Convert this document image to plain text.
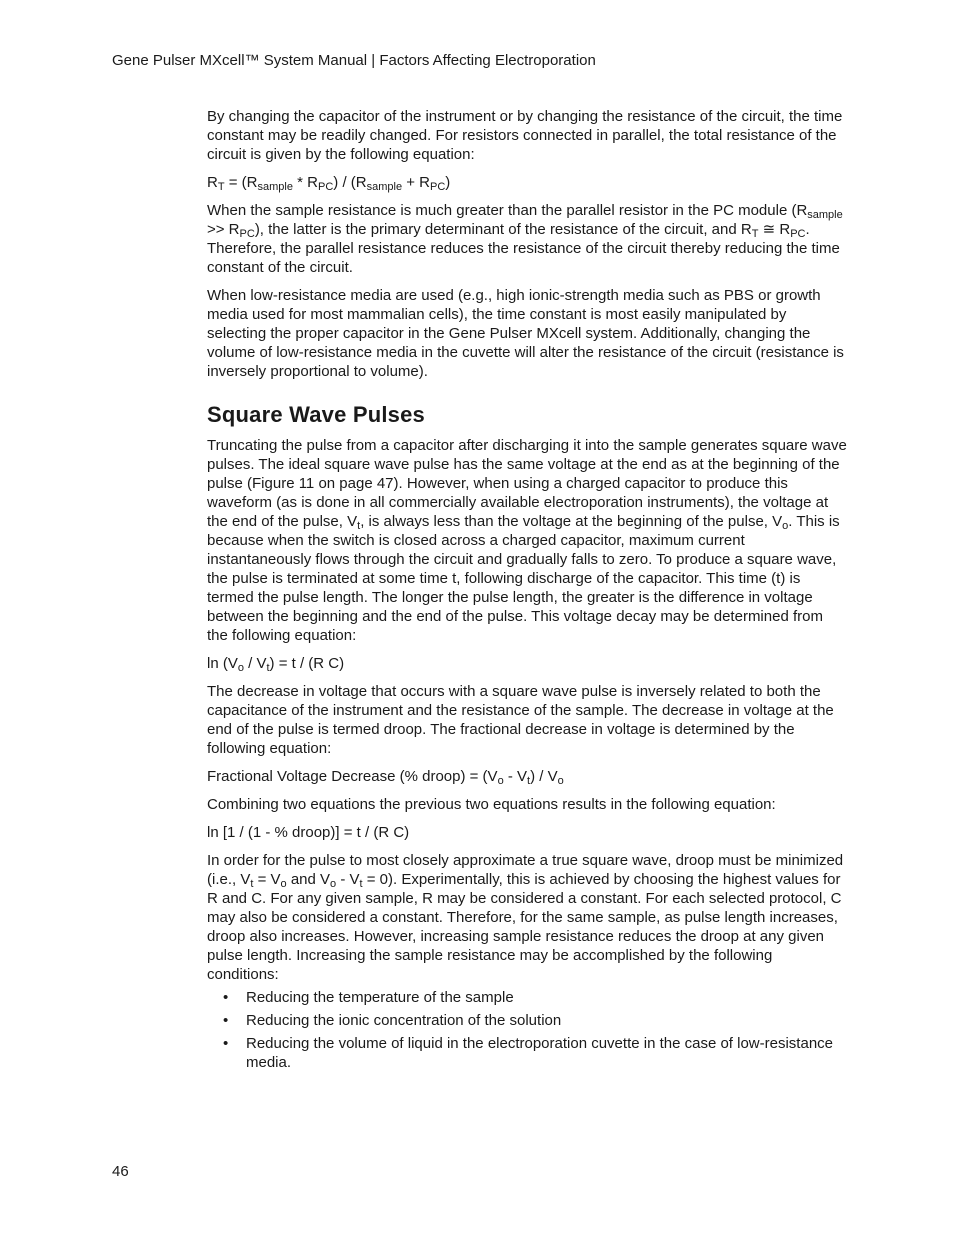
Gene Pulser MXcell™ System Manual | Factors Affecting Electroporation

By changing the capacitor of the instrument or by changing the resistance of the circuit, the time constant may be readily changed. For resistors connected in parallel, the total resistance of the circuit is given by the following equation:

$R_T = (R_{sample} * R_{PC}) / (R_{sample} + R_{PC})$

When the sample resistance is much greater than the parallel resistor in the PC module $(R_{sample} >> R_{PC})$, the latter is the primary determinant of the resistance of the circuit, and $R_T$ ≅ $R_{PC}$. Therefore, the parallel resistance reduces the resistance of the circuit thereby reducing the time constant of the circuit.

When low-resistance media are used (e.g., high ionic-strength media such as PBS or growth media used for most mammalian cells), the time constant is most easily manipulated by selecting the proper capacitor in the Gene Pulser MXcell system. Additionally, changing the volume of low-resistance media in the cuvette will alter the resistance of the circuit (resistance is inversely proportional to volume).

Square Wave Pulses

Truncating the pulse from a capacitor after discharging it into the sample generates square wave pulses. The ideal square wave pulse has the same voltage at the end as at the beginning of the pulse (Figure 11 on page 47). However, when using a charged capacitor to produce this waveform (as is done in all commercially available electroporation instruments), the voltage at the end of the pulse, $V_t$, is always less than the voltage at the beginning of the pulse, $V_o$. This is because when the switch is closed across a charged capacitor, maximum current instantaneously flows through the circuit and gradually falls to zero. To produce a square wave, the pulse is terminated at some time t, following discharge of the capacitor. This time (t) is termed the pulse length. The longer the pulse length, the greater is the difference in voltage between the beginning and the end of the pulse. This voltage decay may be determined from the following equation:

$\ln (V_o / V_t) = t / (R$ C)

The decrease in voltage that occurs with a square wave pulse is inversely related to both the capacitance of the instrument and the resistance of the sample. The decrease in voltage at the end of the pulse is termed droop. The fractional decrease in voltage is determined by the following equation:

Fractional Voltage Decrease (% droop) = $(V_o - V_t) / V_o$

Combining two equations the previous two equations results in the following equation:

ln [1 / (1 - % droop)] = t / (R C)

In order for the pulse to most closely approximate a true square wave, droop must be minimized (i.e., $V_t = V_o$ and $V_o - V_t = 0$). Experimentally, this is achieved by choosing the highest values for R and C. For any given sample, R may be considered a constant. For each selected protocol, C may also be considered a constant. Therefore, for the same sample, as pulse length increases, droop also increases. However, increasing sample resistance reduces the droop at any given pulse length. Increasing the sample resistance may be accomplished by the following conditions:

• Reducing the temperature of the sample
• Reducing the ionic concentration of the solution
• Reducing the volume of liquid in the electroporation cuvette in the case of low-resistance media.
46
